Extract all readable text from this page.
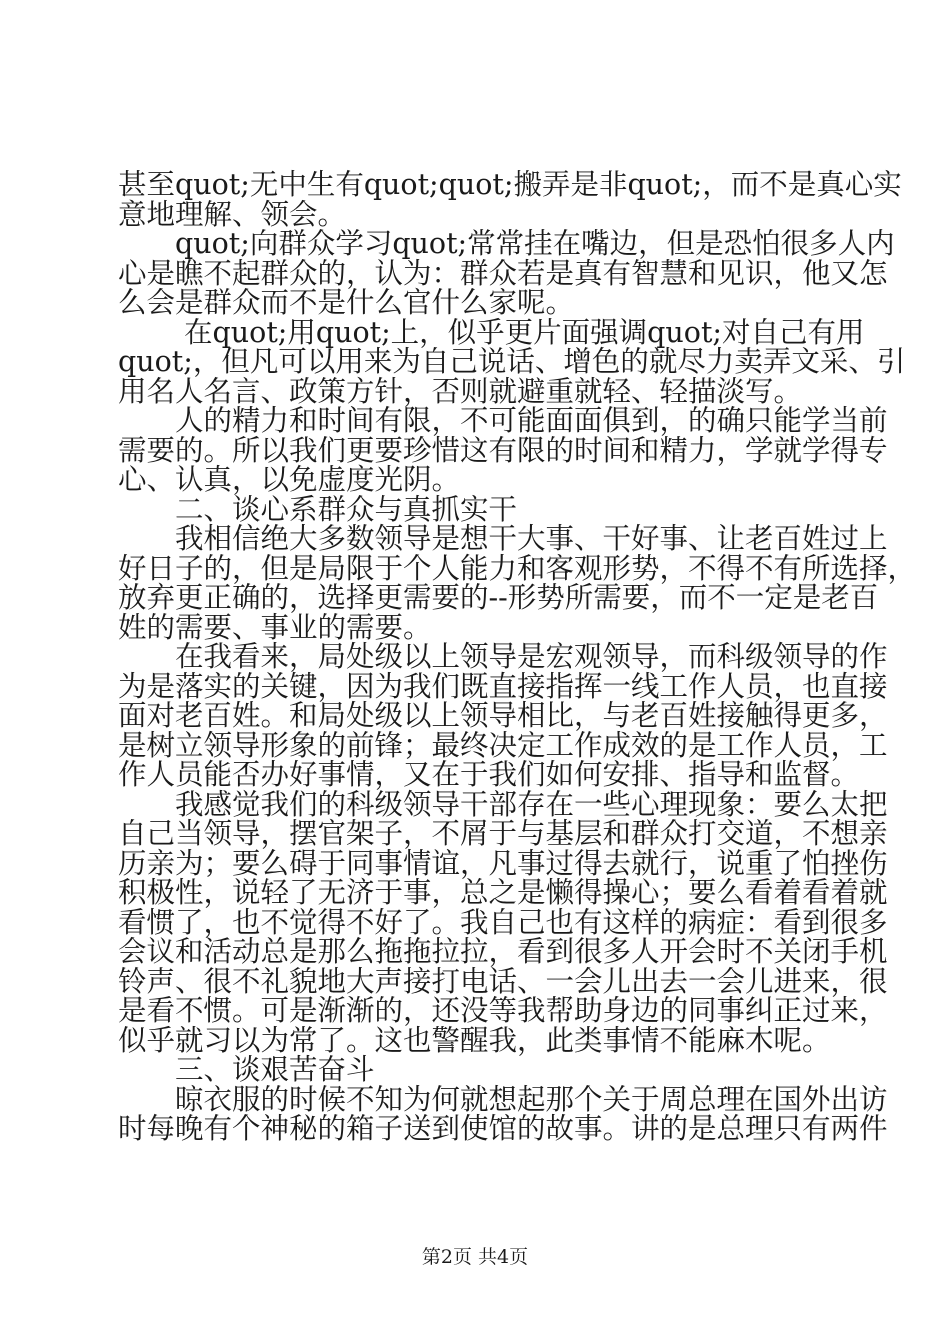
甚至quot;无中生有quot;quot;搬弄是非quot;，而不是真心实
意地理解、领会。
　　quot;向群众学习quot;常常挂在嘴边，但是恐怕很多人内
心是瞧不起群众的，认为：群众若是真有智慧和见识，他又怎
么会是群众而不是什么官什么家呢。
　　 在quot;用quot;上，似乎更片面强调quot;对自己有用
quot;，但凡可以用来为自己说话、增色的就尽力卖弄文采、引
用名人名言、政策方针，否则就避重就轻、轻描淡写。
　　人的精力和时间有限，不可能面面俱到，的确只能学当前
需要的。所以我们更要珍惜这有限的时间和精力，学就学得专
心、认真，以免虚度光阴。
　　二、谈心系群众与真抓实干
　　我相信绝大多数领导是想干大事、干好事、让老百姓过上
好日子的，但是局限于个人能力和客观形势，不得不有所选择，
放弃更正确的，选择更需要的--形势所需要，而不一定是老百
姓的需要、事业的需要。
　　在我看来，局处级以上领导是宏观领导，而科级领导的作
为是落实的关键，因为我们既直接指挥一线工作人员，也直接
面对老百姓。和局处级以上领导相比，与老百姓接触得更多，
是树立领导形象的前锋；最终决定工作成效的是工作人员，工
作人员能否办好事情，又在于我们如何安排、指导和监督。
　　我感觉我们的科级领导干部存在一些心理现象：要么太把
自己当领导，摆官架子，不屑于与基层和群众打交道，不想亲
历亲为；要么碍于同事情谊，凡事过得去就行，说重了怕挫伤
积极性，说轻了无济于事，总之是懒得操心；要么看着看着就
看惯了，也不觉得不好了。我自己也有这样的病症：看到很多
会议和活动总是那么拖拖拉拉，看到很多人开会时不关闭手机
铃声、很不礼貌地大声接打电话、一会儿出去一会儿进来，很
是看不惯。可是渐渐的，还没等我帮助身边的同事纠正过来，
似乎就习以为常了。这也警醒我，此类事情不能麻木呢。
　　三、谈艰苦奋斗
　　晾衣服的时候不知为何就想起那个关于周总理在国外出访
时每晚有个神秘的箱子送到使馆的故事。讲的是总理只有两件
第2页 共4页
